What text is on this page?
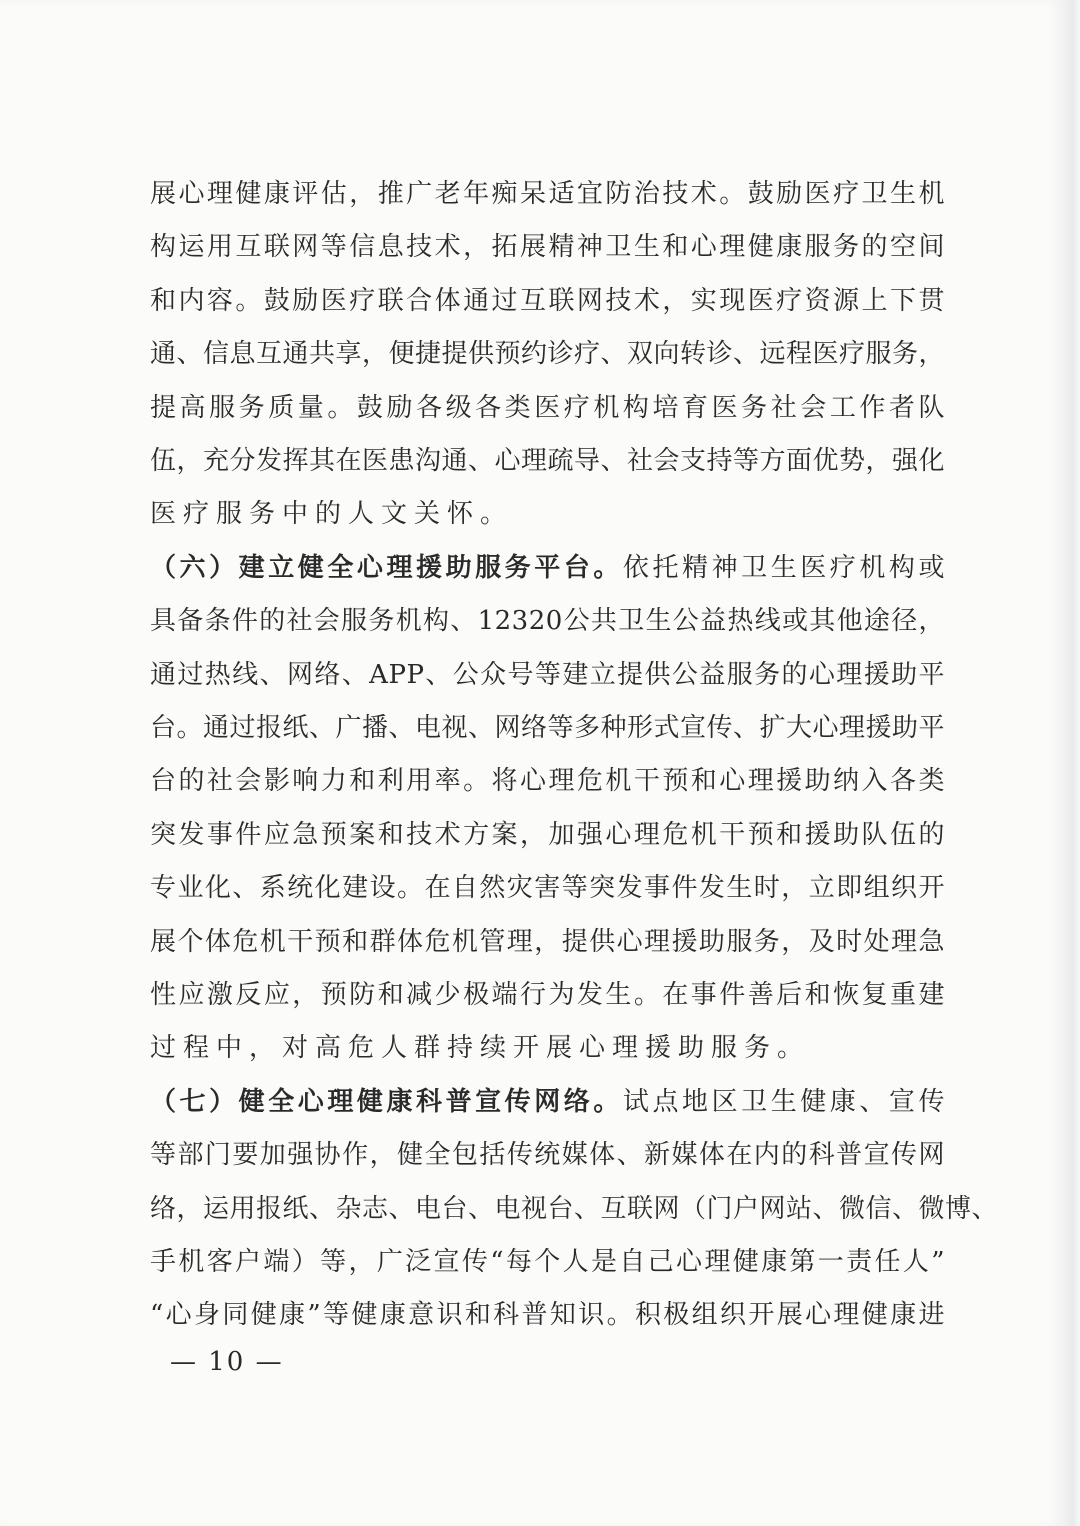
展心理健康评估，推广老年痴呆适宜防治技术。鼓励医疗卫生机
构运用互联网等信息技术，拓展精神卫生和心理健康服务的空间
和内容。鼓励医疗联合体通过互联网技术，实现医疗资源上下贯
通、信息互通共享，便捷提供预约诊疗、双向转诊、远程医疗服务，
提高服务质量。鼓励各级各类医疗机构培育医务社会工作者队
伍，充分发挥其在医患沟通、心理疏导、社会支持等方面优势，强化
医疗服务中的人文关怀。
（六）建立健全心理援助服务平台。依托精神卫生医疗机构或
具备条件的社会服务机构、12320公共卫生公益热线或其他途径，
通过热线、网络、APP、公众号等建立提供公益服务的心理援助平
台。通过报纸、广播、电视、网络等多种形式宣传、扩大心理援助平
台的社会影响力和利用率。将心理危机干预和心理援助纳入各类
突发事件应急预案和技术方案，加强心理危机干预和援助队伍的
专业化、系统化建设。在自然灾害等突发事件发生时，立即组织开
展个体危机干预和群体危机管理，提供心理援助服务，及时处理急
性应激反应，预防和减少极端行为发生。在事件善后和恢复重建
过程中，对高危人群持续开展心理援助服务。
（七）健全心理健康科普宣传网络。试点地区卫生健康、宣传
等部门要加强协作，健全包括传统媒体、新媒体在内的科普宣传网
络，运用报纸、杂志、电台、电视台、互联网（门户网站、微信、微博、
手机客户端）等，广泛宣传“每个人是自己心理健康第一责任人”
“心身同健康”等健康意识和科普知识。积极组织开展心理健康进
— 10 —
